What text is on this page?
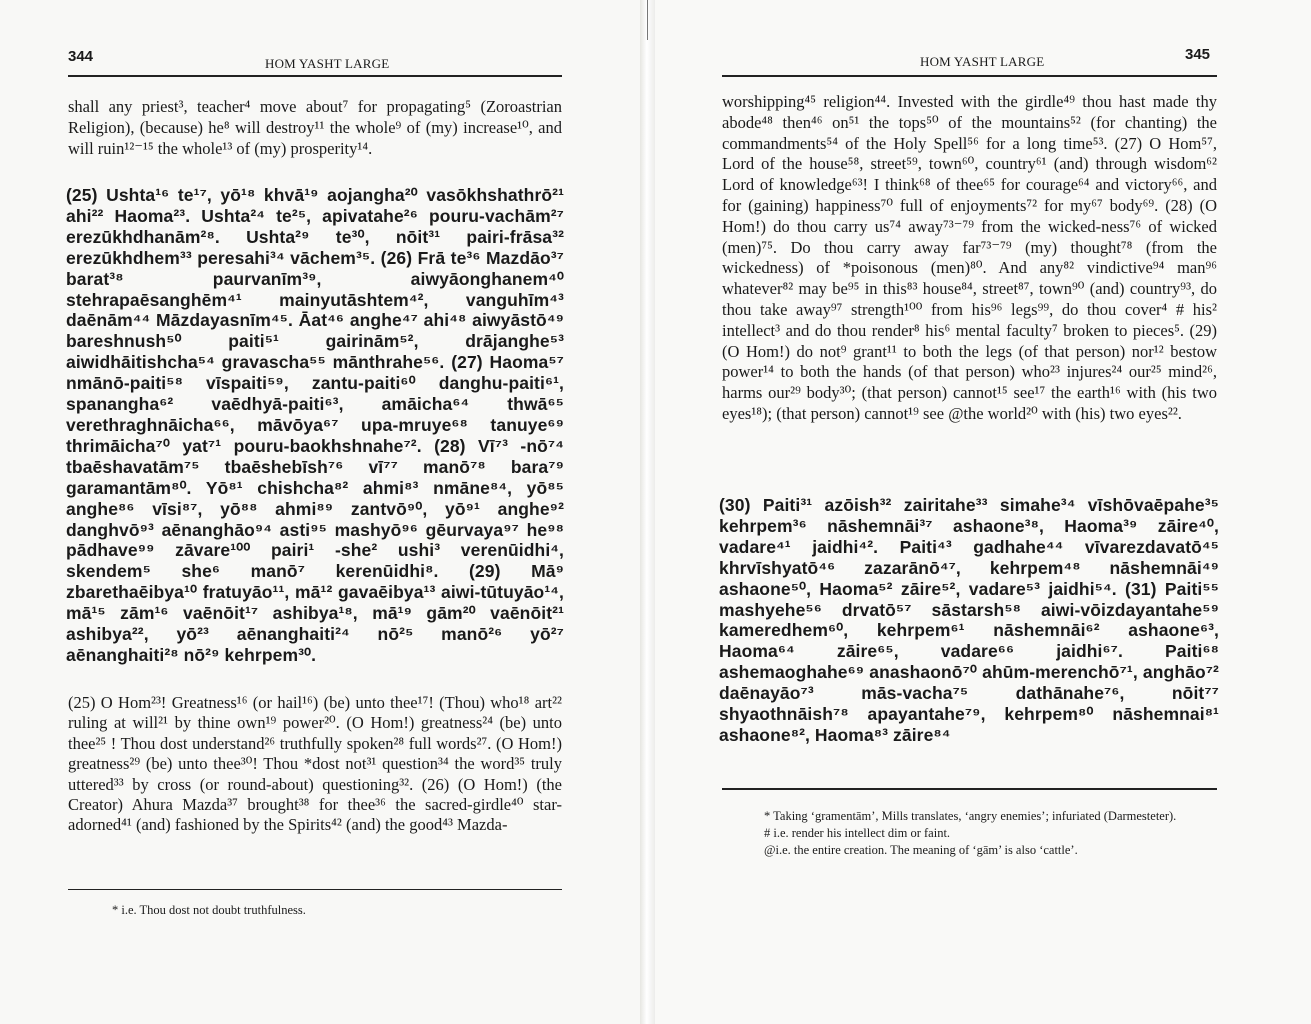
344	HOM YASHT LARGE

shall any priest³, teacher⁴ move about⁷ for propagating⁵ (Zoroastrian Religion), (because) he⁸ will destroy¹¹ the whole⁹ of (my) increase¹⁰, and will ruin¹²⁻¹⁵ the whole¹³ of (my) prosperity¹⁴.

(25) Ushta¹⁶ te¹⁷, yō¹⁸ khvā¹⁹ aojangha²⁰ vasōkhshathrō²¹ ahi²² Haoma²³. Ushta²⁴ te²⁵, apivatahe²⁶ pouru-vachām²⁷ erezūkhdhanām²⁸. Ushta²⁹ te³⁰, nōit³¹ pairi-frāsa³² erezūkhdhem³³ peresahi³⁴ vāchem³⁵. (26) Frā te³⁶ Mazdāo³⁷ barat³⁸ paurvanīm³⁹, aiwyāonghanem⁴⁰ stehrapaēsanghēm⁴¹ mainyutāshtem⁴², vanguhīm⁴³ daēnām⁴⁴ Māzdayasnīm⁴⁵. Āat⁴⁶ anghe⁴⁷ ahi⁴⁸ aiwyāstō⁴⁹ bareshnush⁵⁰ paiti⁵¹ gairinām⁵², drājanghe⁵³ aiwidhāitishcha⁵⁴ gravascha⁵⁵ mānthrahe⁵⁶. (27) Haoma⁵⁷ nmānō-paiti⁵⁸ vīspaiti⁵⁹, zantu-paiti⁶⁰ danghu-paiti⁶¹, spanangha⁶² vaēdhyā-paiti⁶³, amāicha⁶⁴ thwā⁶⁵ verethraghnāicha⁶⁶, māvōya⁶⁷ upa-mruye⁶⁸ tanuye⁶⁹ thrimāicha⁷⁰ yat⁷¹ pouru-baokhshnahe⁷². (28) Vī⁷³ -nō⁷⁴ tbaēshavatām⁷⁵ tbaēshebīsh⁷⁶ vī⁷⁷ manō⁷⁸ bara⁷⁹ garamantām⁸⁰. Yō⁸¹ chishcha⁸² ahmi⁸³ nmāne⁸⁴, yō⁸⁵ anghe⁸⁶ vīsi⁸⁷, yō⁸⁸ ahmi⁸⁹ zantvō⁹⁰, yō⁹¹ anghe⁹² danghvō⁹³ aēnanghāo⁹⁴ asti⁹⁵ mashyō⁹⁶ gēurvaya⁹⁷ he⁹⁸ pādhave⁹⁹ zāvare¹⁰⁰ pairi¹ -she² ushi³ verenūidhi⁴, skendem⁵ she⁶ manō⁷ kerenūidhi⁸. (29) Mā⁹ zbarethaēibya¹⁰ fratuyāo¹¹, mā¹² gavaēibya¹³ aiwi-tūtuyāo¹⁴, mā¹⁵ zām¹⁶ vaēnōit¹⁷ ashibya¹⁸, mā¹⁹ gām²⁰ vaēnōit²¹ ashibya²², yō²³ aēnanghaiti²⁴ nō²⁵ manō²⁶ yō²⁷ aēnanghaiti²⁸ nō²⁹ kehrpem³⁰.

(25) O Hom²³! Greatness¹⁶ (or hail¹⁶) (be) unto thee¹⁷! (Thou) who¹⁸ art²² ruling at will²¹ by thine own¹⁹ power²⁰. (O Hom!) greatness²⁴ (be) unto thee²⁵ ! Thou dost understand²⁶ truthfully spoken²⁸ full words²⁷. (O Hom!) greatness²⁹ (be) unto thee³⁰! Thou *dost not³¹ question³⁴ the word³⁵ truly uttered³³ by cross (or round-about) questioning³². (26) (O Hom!) (the Creator) Ahura Mazda³⁷ brought³⁸ for thee³⁶ the sacred-girdle⁴⁰ star-adorned⁴¹ (and) fashioned by the Spirits⁴² (and) the good⁴³ Mazda-

* i.e. Thou dost not doubt truthfulness.
345
HOM YASHT LARGE

worshipping⁴⁵ religion⁴⁴. Invested with the girdle⁴⁹ thou hast made thy abode⁴⁸ then⁴⁶ on⁵¹ the tops⁵⁰ of the mountains⁵² (for chanting) the commandments⁵⁴ of the Holy Spell⁵⁶ for a long time⁵³. (27) O Hom⁵⁷, Lord of the house⁵⁸, street⁵⁹, town⁶⁰, country⁶¹ (and) through wisdom⁶² Lord of knowledge⁶³! I think⁶⁸ of thee⁶⁵ for courage⁶⁴ and victory⁶⁶, and for (gaining) happiness⁷⁰ full of enjoyments⁷² for my⁶⁷ body⁶⁹. (28) (O Hom!) do thou carry us⁷⁴ away⁷³⁻⁷⁹ from the wicked-ness⁷⁶ of wicked (men)⁷⁵. Do thou carry away far⁷³⁻⁷⁹ (my) thought⁷⁸ (from the wickedness) of *poisonous (men)⁸⁰. And any⁸² vindictive⁹⁴ man⁹⁶ whatever⁸² may be⁹⁵ in this⁸³ house⁸⁴, street⁸⁷, town⁹⁰ (and) country⁹³, do thou take away⁹⁷ strength¹⁰⁰ from his⁹⁶ legs⁹⁹, do thou cover⁴ # his² intellect³ and do thou render⁸ his⁶ mental faculty⁷ broken to pieces⁵. (29) (O Hom!) do not⁹ grant¹¹ to both the legs (of that person) nor¹² bestow power¹⁴ to both the hands (of that person) who²³ injures²⁴ our²⁵ mind²⁶, harms our²⁹ body³⁰; (that person) cannot¹⁵ see¹⁷ the earth¹⁶ with (his two eyes¹⁸); (that person) cannot¹⁹ see @the world²⁰ with (his) two eyes²².

(30) Paiti³¹ azōish³² zairitahe³³ simahe³⁴ vīshōvaēpahe³⁵ kehrpem³⁶ nāshemnāi³⁷ ashaone³⁸, Haoma³⁹ zāire⁴⁰, vadare⁴¹ jaidhi⁴². Paiti⁴³ gadhahe⁴⁴ vīvarezdavatō⁴⁵ khrvīshyatō⁴⁶ zazarānō⁴⁷, kehrpem⁴⁸ nāshemnāi⁴⁹ ashaone⁵⁰, Haoma⁵² zāire⁵², vadare⁵³ jaidhi⁵⁴. (31) Paiti⁵⁵ mashyehe⁵⁶ drvatō⁵⁷ sāstarsh⁵⁸ aiwi-vōizdayantahe⁵⁹ kameredhem⁶⁰, kehrpem⁶¹ nāshemnāi⁶² ashaone⁶³, Haoma⁶⁴ zāire⁶⁵, vadare⁶⁶ jaidhi⁶⁷. Paiti⁶⁸ ashemaoghahe⁶⁹ anashaonō⁷⁰ ahūm-merenchō⁷¹, anghāo⁷² daēnayāo⁷³ mās-vacha⁷⁵ dathānahe⁷⁶, nōit⁷⁷ shyaothnāish⁷⁸ apayantahe⁷⁹, kehrpem⁸⁰ nāshemnai⁸¹ ashaone⁸², Haoma⁸³ zāire⁸⁴

* Taking ‘gramentām’, Mills translates, ‘angry enemies’; infuriated (Darmesteter).

# i.e. render his intellect dim or faint.

@i.e. the entire creation. The meaning of ‘gām’ is also ‘cattle’.
